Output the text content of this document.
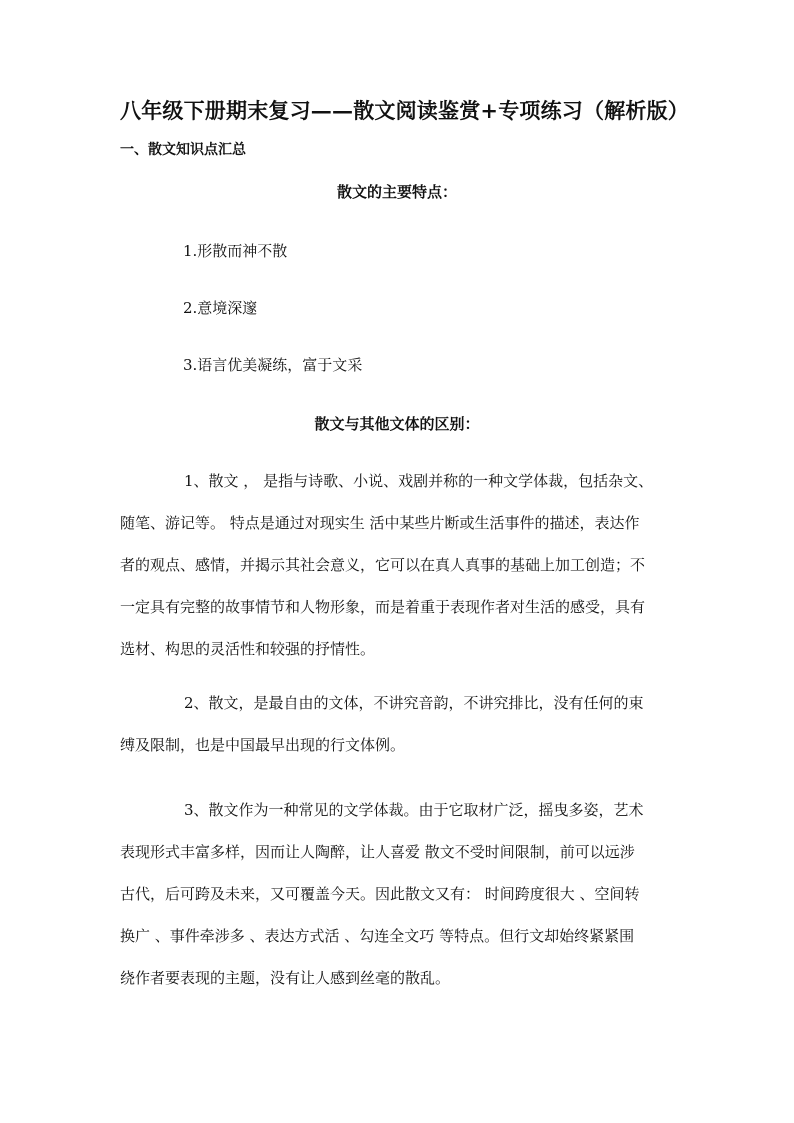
八年级下册期末复习——散文阅读鉴赏+专项练习（解析版）
一、散文知识点汇总
散文的主要特点：
1.形散而神不散
2.意境深邃
3.语言优美凝练，富于文采
散文与其他文体的区别：
1、散文 ， 是指与诗歌、小说、戏剧并称的一种文学体裁，包括杂文、
随笔、游记等。 特点是通过对现实生 活中某些片断或生活事件的描述，表达作
者的观点、感情，并揭示其社会意义，它可以在真人真事的基础上加工创造；不
一定具有完整的故事情节和人物形象，而是着重于表现作者对生活的感受，具有
选材、构思的灵活性和较强的抒情性。
2、散文，是最自由的文体，不讲究音韵，不讲究排比，没有任何的束
缚及限制，也是中国最早出现的行文体例。
3、散文作为一种常见的文学体裁。由于它取材广泛，摇曳多姿，艺术
表现形式丰富多样，因而让人陶醉，让人喜爱 散文不受时间限制，前可以远涉
古代，后可跨及未来，又可覆盖今天。因此散文又有： 时间跨度很大 、空间转
换广 、事件牵涉多 、表达方式活 、勾连全文巧 等特点。但行文却始终紧紧围
绕作者要表现的主题，没有让人感到丝毫的散乱。
